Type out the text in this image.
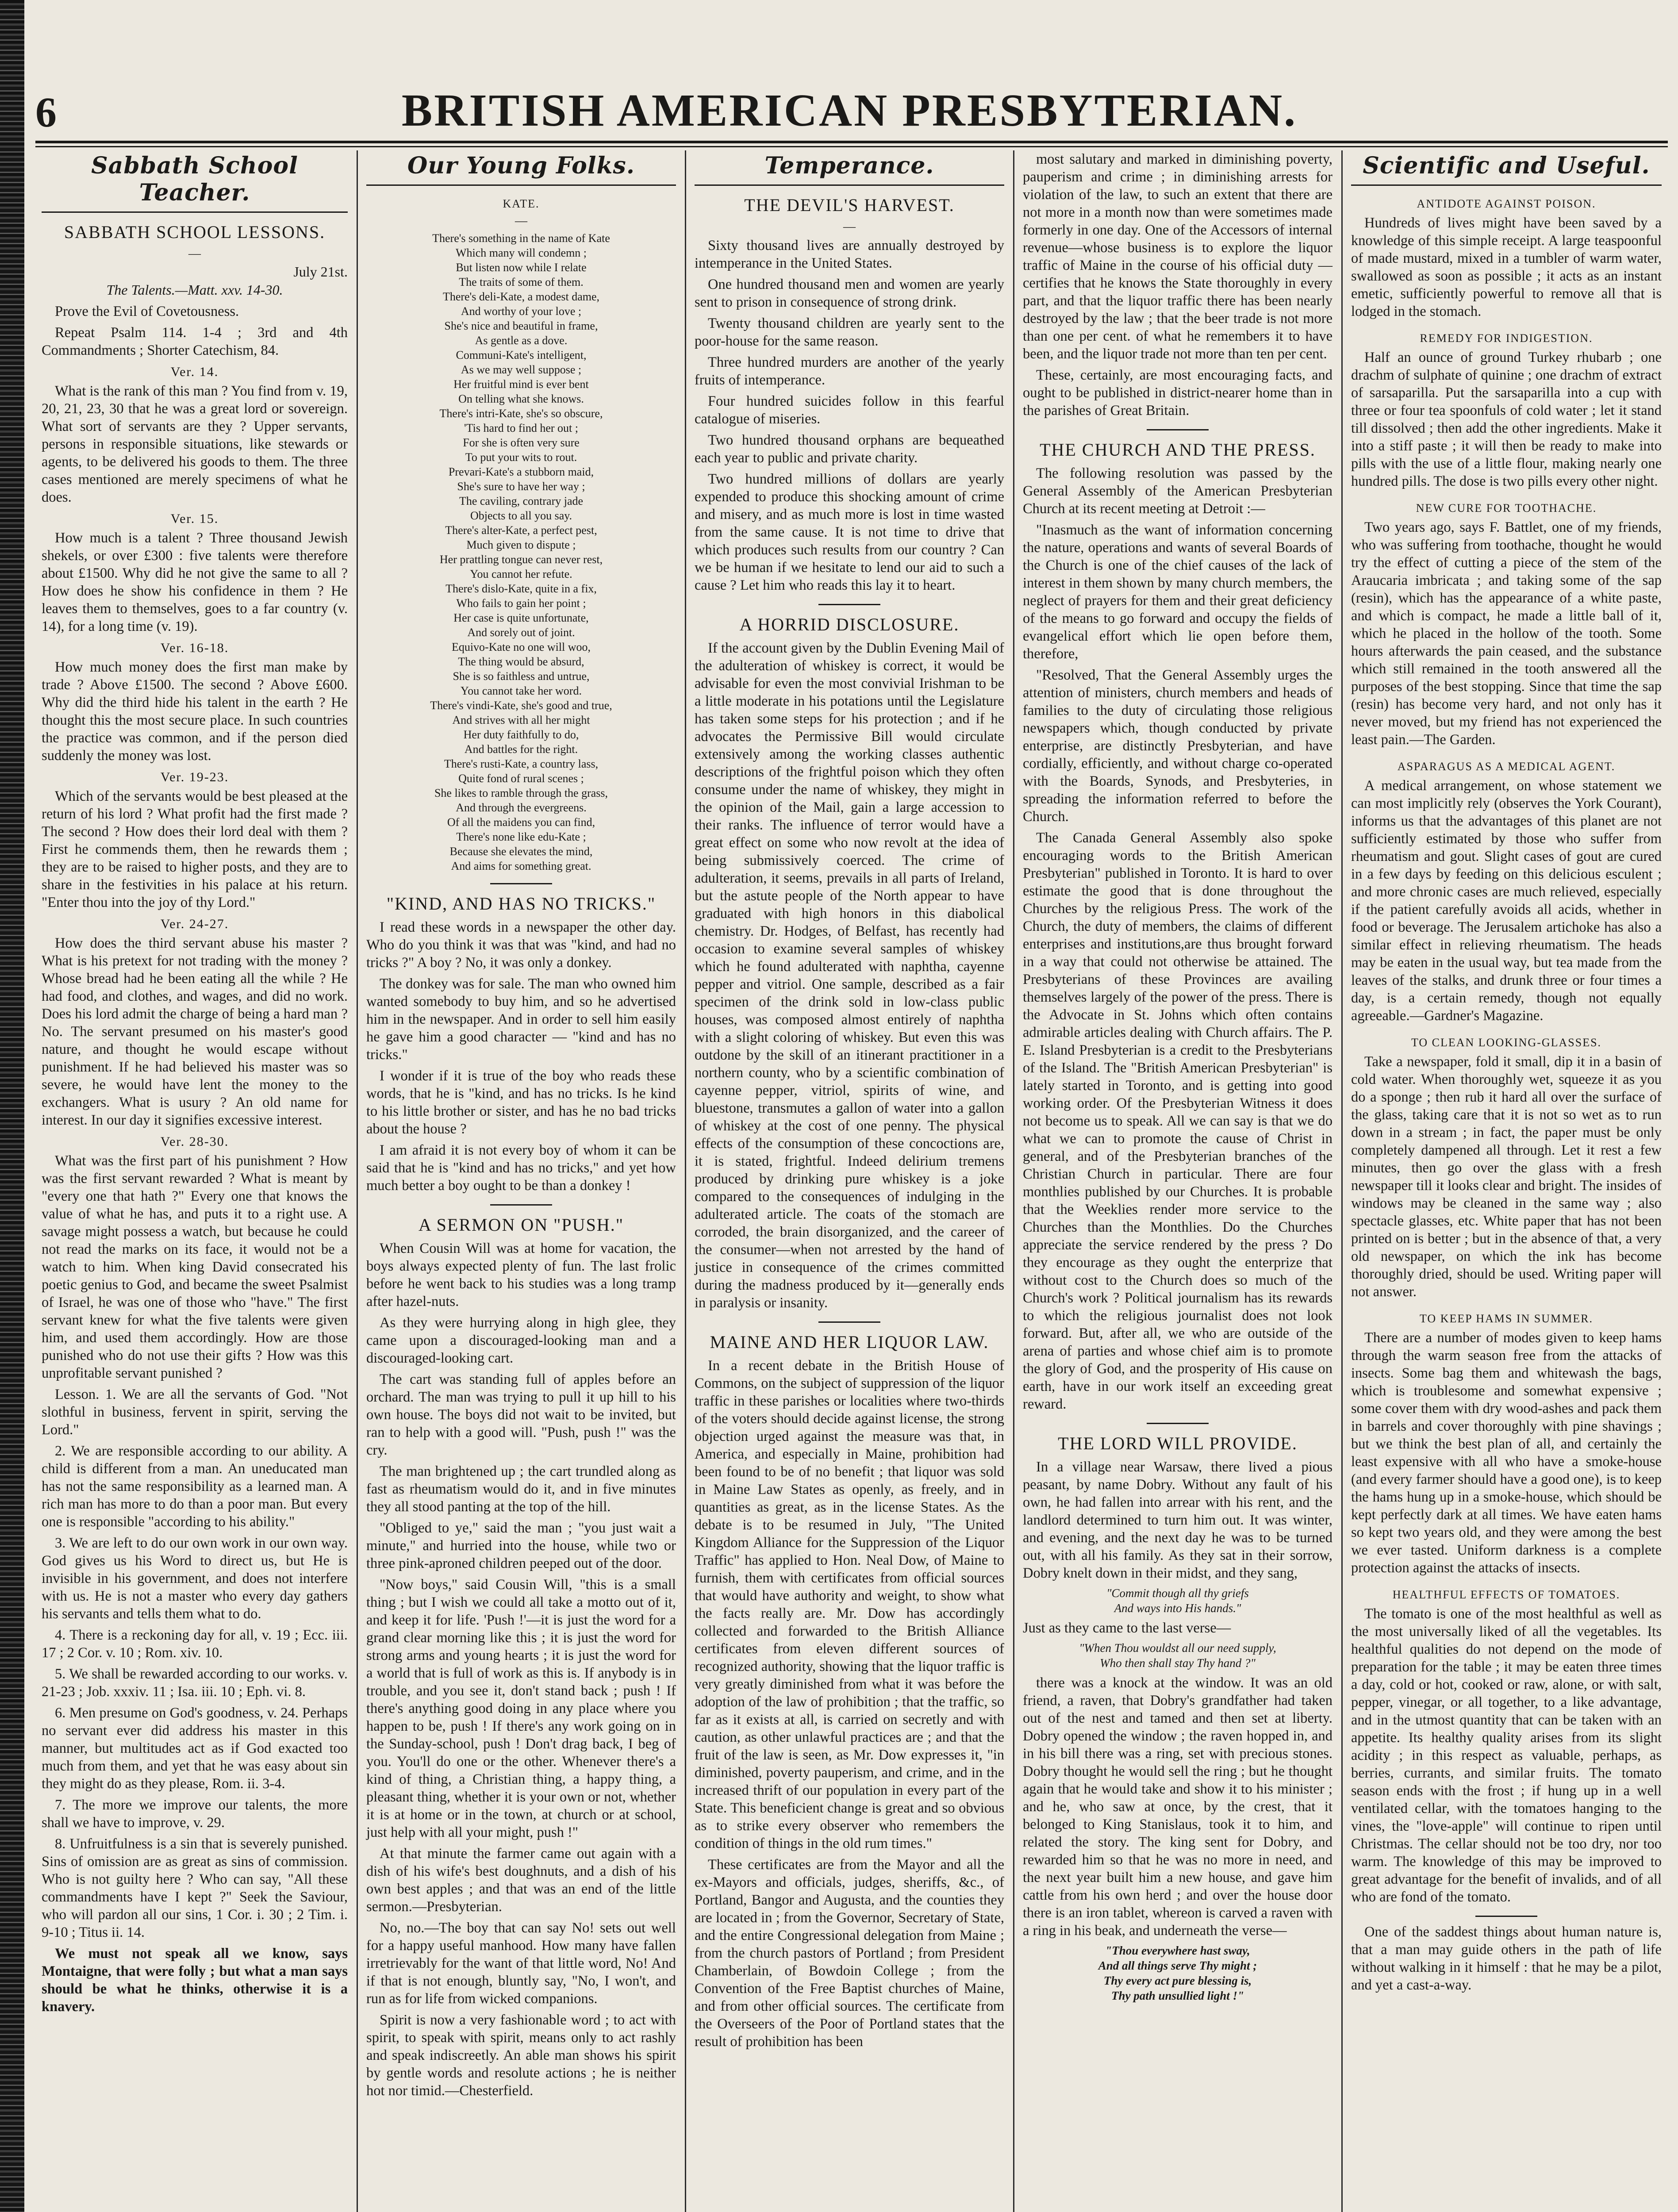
6	BRITISH AMERICAN PRESBYTERIAN.
Sabbath School Teacher.
SABBATH SCHOOL LESSONS.
—
July 21st.
The Talents.—Matt. xxv. 14-30.

Prove the Evil of Covetousness.

Repeat Psalm 114. 1-4 ; 3rd and 4th Commandments ; Shorter Catechism, 84.

Ver. 14.

What is the rank of this man ? You find from v. 19, 20, 21, 23, 30 that he was a great lord or sovereign. What sort of servants are they ? Upper servants, persons in responsible situations, like stewards or agents, to be delivered his goods to them. The three cases mentioned are merely specimens of what he does.

Ver. 15.

How much is a talent ? Three thousand Jewish shekels, or over £300 : five talents were therefore about £1500. Why did he not give the same to all ? How does he show his confidence in them ? He leaves them to themselves, goes to a far country (v. 14), for a long time (v. 19).

Ver. 16-18.

How much money does the first man make by trade ? Above £1500. The second ? Above £600. Why did the third hide his talent in the earth ? He thought this the most secure place. In such countries the practice was common, and if the person died suddenly the money was lost.

Ver. 19-23.

Which of the servants would be best pleased at the return of his lord ? What profit had the first made ? The second ? How does their lord deal with them ? First he commends them, then he rewards them ; they are to be raised to higher posts, and they are to share in the festivities in his palace at his return. "Enter thou into the joy of thy Lord."

Ver. 24-27.

How does the third servant abuse his master ? What is his pretext for not trading with the money ? Whose bread had he been eating all the while ? He had food, and clothes, and wages, and did no work. Does his lord admit the charge of being a hard man ? No. The servant presumed on his master's good nature, and thought he would escape without punishment. If he had believed his master was so severe, he would have lent the money to the exchangers. What is usury ? An old name for interest. In our day it signifies excessive interest.

Ver. 28-30.

What was the first part of his punishment ? How was the first servant rewarded ? What is meant by "every one that hath ?" Every one that knows the value of what he has, and puts it to a right use. A savage might possess a watch, but because he could not read the marks on its face, it would not be a watch to him. When king David consecrated his poetic genius to God, and became the sweet Psalmist of Israel, he was one of those who "have." The first servant knew for what the five talents were given him, and used them accordingly. How are those punished who do not use their gifts ? How was this unprofitable servant punished ?

Lesson. 1. We are all the servants of God. "Not slothful in business, fervent in spirit, serving the Lord."

2. We are responsible according to our ability. A child is different from a man. An uneducated man has not the same responsibility as a learned man. A rich man has more to do than a poor man. But every one is responsible "according to his ability."

3. We are left to do our own work in our own way. God gives us his Word to direct us, but He is invisible in his government, and does not interfere with us. He is not a master who every day gathers his servants and tells them what to do.

4. There is a reckoning day for all, v. 19 ; Ecc. iii. 17 ; 2 Cor. v. 10 ; Rom. xiv. 10.

5. We shall be rewarded according to our works. v. 21-23 ; Job. xxxiv. 11 ; Isa. iii. 10 ; Eph. vi. 8.

6. Men presume on God's goodness, v. 24. Perhaps no servant ever did address his master in this manner, but multitudes act as if God exacted too much from them, and yet that he was easy about sin they might do as they please, Rom. ii. 3-4.

7. The more we improve our talents, the more shall we have to improve, v. 29.

8. Unfruitfulness is a sin that is severely punished. Sins of omission are as great as sins of commission. Who is not guilty here ? Who can say, "All these commandments have I kept ?" Seek the Saviour, who will pardon all our sins, 1 Cor. i. 30 ; 2 Tim. i. 9-10 ; Titus ii. 14.

We must not speak all we know, says Montaigne, that were folly ; but what a man says should be what he thinks, otherwise it is a knavery.

Our Young Folks.
KATE.
—
There's something in the name of Kate
Which many will condemn ;
But listen now while I relate
The traits of some of them.
There's deli-Kate, a modest dame,
And worthy of your love ;
She's nice and beautiful in frame,
As gentle as a dove.
Communi-Kate's intelligent,
As we may well suppose ;
Her fruitful mind is ever bent
On telling what she knows.
There's intri-Kate, she's so obscure,
'Tis hard to find her out ;
For she is often very sure
To put your wits to rout.
Prevari-Kate's a stubborn maid,
She's sure to have her way ;
The caviling, contrary jade
Objects to all you say.
There's alter-Kate, a perfect pest,
Much given to dispute ;
Her prattling tongue can never rest,
You cannot her refute.
There's dislo-Kate, quite in a fix,
Who fails to gain her point ;
Her case is quite unfortunate,
And sorely out of joint.
Equivo-Kate no one will woo,
The thing would be absurd,
She is so faithless and untrue,
You cannot take her word.
There's vindi-Kate, she's good and true,
And strives with all her might
Her duty faithfully to do,
And battles for the right.
There's rusti-Kate, a country lass,
Quite fond of rural scenes ;
She likes to ramble through the grass,
And through the evergreens.
Of all the maidens you can find,
There's none like edu-Kate ;
Because she elevates the mind,
And aims for something great.
"KIND, AND HAS NO TRICKS."

I read these words in a newspaper the other day. Who do you think it was that was "kind, and had no tricks ?" A boy ? No, it was only a donkey.

The donkey was for sale. The man who owned him wanted somebody to buy him, and so he advertised him in the newspaper. And in order to sell him easily he gave him a good character — "kind and has no tricks."

I wonder if it is true of the boy who reads these words, that he is "kind, and has no tricks. Is he kind to his little brother or sister, and has he no bad tricks about the house ?

I am afraid it is not every boy of whom it can be said that he is "kind and has no tricks," and yet how much better a boy ought to be than a donkey !

A SERMON ON "PUSH."

When Cousin Will was at home for vacation, the boys always expected plenty of fun. The last frolic before he went back to his studies was a long tramp after hazel-nuts.

As they were hurrying along in high glee, they came upon a discouraged-looking man and a discouraged-looking cart.

The cart was standing full of apples before an orchard. The man was trying to pull it up hill to his own house. The boys did not wait to be invited, but ran to help with a good will. "Push, push !" was the cry.

The man brightened up ; the cart trundled along as fast as rheumatism would do it, and in five minutes they all stood panting at the top of the hill.

"Obliged to ye," said the man ; "you just wait a minute," and hurried into the house, while two or three pink-aproned children peeped out of the door.

"Now boys," said Cousin Will, "this is a small thing ; but I wish we could all take a motto out of it, and keep it for life. 'Push !'—it is just the word for a grand clear morning like this ; it is just the word for strong arms and young hearts ; it is just the word for a world that is full of work as this is. If anybody is in trouble, and you see it, don't stand back ; push ! If there's anything good doing in any place where you happen to be, push ! If there's any work going on in the Sunday-school, push ! Don't drag back, I beg of you. You'll do one or the other. Whenever there's a kind of thing, a Christian thing, a happy thing, a pleasant thing, whether it is your own or not, whether it is at home or in the town, at church or at school, just help with all your might, push !"

At that minute the farmer came out again with a dish of his wife's best doughnuts, and a dish of his own best apples ; and that was an end of the little sermon.—Presbyterian.

No, no.—The boy that can say No! sets out well for a happy useful manhood. How many have fallen irretrievably for the want of that little word, No! And if that is not enough, bluntly say, "No, I won't, and run as for life from wicked companions.

Spirit is now a very fashionable word ; to act with spirit, to speak with spirit, means only to act rashly and speak indiscreetly. An able man shows his spirit by gentle words and resolute actions ; he is neither hot nor timid.—Chesterfield.

Temperance.
THE DEVIL'S HARVEST.
—

Sixty thousand lives are annually destroyed by intemperance in the United States.

One hundred thousand men and women are yearly sent to prison in consequence of strong drink.

Twenty thousand children are yearly sent to the poor-house for the same reason.

Three hundred murders are another of the yearly fruits of intemperance.

Four hundred suicides follow in this fearful catalogue of miseries.

Two hundred thousand orphans are bequeathed each year to public and private charity.

Two hundred millions of dollars are yearly expended to produce this shocking amount of crime and misery, and as much more is lost in time wasted from the same cause. It is not time to drive that which produces such results from our country ? Can we be human if we hesitate to lend our aid to such a cause ? Let him who reads this lay it to heart.

A HORRID DISCLOSURE.

If the account given by the Dublin Evening Mail of the adulteration of whiskey is correct, it would be advisable for even the most convivial Irishman to be a little moderate in his potations until the Legislature has taken some steps for his protection ; and if he advocates the Permissive Bill would circulate extensively among the working classes authentic descriptions of the frightful poison which they often consume under the name of whiskey, they might in the opinion of the Mail, gain a large accession to their ranks. The influence of terror would have a great effect on some who now revolt at the idea of being submissively coerced. The crime of adulteration, it seems, prevails in all parts of Ireland, but the astute people of the North appear to have graduated with high honors in this diabolical chemistry. Dr. Hodges, of Belfast, has recently had occasion to examine several samples of whiskey which he found adulterated with naphtha, cayenne pepper and vitriol. One sample, described as a fair specimen of the drink sold in low-class public houses, was composed almost entirely of naphtha with a slight coloring of whiskey. But even this was outdone by the skill of an itinerant practitioner in a northern county, who by a scientific combination of cayenne pepper, vitriol, spirits of wine, and bluestone, transmutes a gallon of water into a gallon of whiskey at the cost of one penny. The physical effects of the consumption of these concoctions are, it is stated, frightful. Indeed delirium tremens produced by drinking pure whiskey is a joke compared to the consequences of indulging in the adulterated article. The coats of the stomach are corroded, the brain disorganized, and the career of the consumer—when not arrested by the hand of justice in consequence of the crimes committed during the madness produced by it—generally ends in paralysis or insanity.

MAINE AND HER LIQUOR LAW.

In a recent debate in the British House of Commons, on the subject of suppression of the liquor traffic in these parishes or localities where two-thirds of the voters should decide against license, the strong objection urged against the measure was that, in America, and especially in Maine, prohibition had been found to be of no benefit ; that liquor was sold in Maine Law States as openly, as freely, and in quantities as great, as in the license States. As the debate is to be resumed in July, "The United Kingdom Alliance for the Suppression of the Liquor Traffic" has applied to Hon. Neal Dow, of Maine to furnish, them with certificates from official sources that would have authority and weight, to show what the facts really are. Mr. Dow has accordingly collected and forwarded to the British Alliance certificates from eleven different sources of recognized authority, showing that the liquor traffic is very greatly diminished from what it was before the adoption of the law of prohibition ; that the traffic, so far as it exists at all, is carried on secretly and with caution, as other unlawful practices are ; and that the fruit of the law is seen, as Mr. Dow expresses it, "in diminished, poverty pauperism, and crime, and in the increased thrift of our population in every part of the State. This beneficient change is great and so obvious as to strike every observer who remembers the condition of things in the old rum times."

These certificates are from the Mayor and all the ex-Mayors and officials, judges, sheriffs, &c., of Portland, Bangor and Augusta, and the counties they are located in ; from the Governor, Secretary of State, and the entire Congressional delegation from Maine ; from the church pastors of Portland ; from President Chamberlain, of Bowdoin College ; from the Convention of the Free Baptist churches of Maine, and from other official sources. The certificate from the Overseers of the Poor of Portland states that the result of prohibition has been

most salutary and marked in diminishing poverty, pauperism and crime ; in diminishing arrests for violation of the law, to such an extent that there are not more in a month now than were sometimes made formerly in one day. One of the Accessors of internal revenue—whose business is to explore the liquor traffic of Maine in the course of his official duty —certifies that he knows the State thoroughly in every part, and that the liquor traffic there has been nearly destroyed by the law ; that the beer trade is not more than one per cent. of what he remembers it to have been, and the liquor trade not more than ten per cent.

These, certainly, are most encouraging facts, and ought to be published in district-nearer home than in the parishes of Great Britain.

THE CHURCH AND THE PRESS.

The following resolution was passed by the General Assembly of the American Presbyterian Church at its recent meeting at Detroit :—

"Inasmuch as the want of information concerning the nature, operations and wants of several Boards of the Church is one of the chief causes of the lack of interest in them shown by many church members, the neglect of prayers for them and their great deficiency of the means to go forward and occupy the fields of evangelical effort which lie open before them, therefore,

"Resolved, That the General Assembly urges the attention of ministers, church members and heads of families to the duty of circulating those religious newspapers which, though conducted by private enterprise, are distinctly Presbyterian, and have cordially, efficiently, and without charge co-operated with the Boards, Synods, and Presbyteries, in spreading the information referred to before the Church.

The Canada General Assembly also spoke encouraging words to the British American Presbyterian" published in Toronto. It is hard to over estimate the good that is done throughout the Churches by the religious Press. The work of the Church, the duty of members, the claims of different enterprises and institutions,are thus brought forward in a way that could not otherwise be attained. The Presbyterians of these Provinces are availing themselves largely of the power of the press. There is the Advocate in St. Johns which often contains admirable articles dealing with Church affairs. The P. E. Island Presbyterian is a credit to the Presbyterians of the Island. The "British American Presbyterian" is lately started in Toronto, and is getting into good working order. Of the Presbyterian Witness it does not become us to speak. All we can say is that we do what we can to promote the cause of Christ in general, and of the Presbyterian branches of the Christian Church in particular. There are four monthlies published by our Churches. It is probable that the Weeklies render more service to the Churches than the Monthlies. Do the Churches appreciate the service rendered by the press ? Do they encourage as they ought the enterprize that without cost to the Church does so much of the Church's work ? Political journalism has its rewards to which the religious journalist does not look forward. But, after all, we who are outside of the arena of parties and whose chief aim is to promote the glory of God, and the prosperity of His cause on earth, have in our work itself an exceeding great reward.

THE LORD WILL PROVIDE.

In a village near Warsaw, there lived a pious peasant, by name Dobry. Without any fault of his own, he had fallen into arrear with his rent, and the landlord determined to turn him out. It was winter, and evening, and the next day he was to be turned out, with all his family. As they sat in their sorrow, Dobry knelt down in their midst, and they sang,

"Commit though all thy griefs
And ways into His hands."

Just as they came to the last verse—

"When Thou wouldst all our need supply,
Who then shall stay Thy hand ?"

there was a knock at the window. It was an old friend, a raven, that Dobry's grandfather had taken out of the nest and tamed and then set at liberty. Dobry opened the window ; the raven hopped in, and in his bill there was a ring, set with precious stones. Dobry thought he would sell the ring ; but he thought again that he would take and show it to his minister ; and he, who saw at once, by the crest, that it belonged to King Stanislaus, took it to him, and related the story. The king sent for Dobry, and rewarded him so that he was no more in need, and the next year built him a new house, and gave him cattle from his own herd ; and over the house door there is an iron tablet, whereon is carved a raven with a ring in his beak, and underneath the verse—

"Thou everywhere hast sway,
And all things serve Thy might ;
Thy every act pure blessing is,
Thy path unsullied light !"
Scientific and Useful.
ANTIDOTE AGAINST POISON.

Hundreds of lives might have been saved by a knowledge of this simple receipt. A large teaspoonful of made mustard, mixed in a tumbler of warm water, swallowed as soon as possible ; it acts as an instant emetic, sufficiently powerful to remove all that is lodged in the stomach.

REMEDY FOR INDIGESTION.

Half an ounce of ground Turkey rhubarb ; one drachm of sulphate of quinine ; one drachm of extract of sarsaparilla. Put the sarsaparilla into a cup with three or four tea spoonfuls of cold water ; let it stand till dissolved ; then add the other ingredients. Make it into a stiff paste ; it will then be ready to make into pills with the use of a little flour, making nearly one hundred pills. The dose is two pills every other night.

NEW CURE FOR TOOTHACHE.

Two years ago, says F. Battlet, one of my friends, who was suffering from toothache, thought he would try the effect of cutting a piece of the stem of the Araucaria imbricata ; and taking some of the sap (resin), which has the appearance of a white paste, and which is compact, he made a little ball of it, which he placed in the hollow of the tooth. Some hours afterwards the pain ceased, and the substance which still remained in the tooth answered all the purposes of the best stopping. Since that time the sap (resin) has become very hard, and not only has it never moved, but my friend has not experienced the least pain.—The Garden.

ASPARAGUS AS A MEDICAL AGENT.

A medical arrangement, on whose statement we can most implicitly rely (observes the York Courant), informs us that the advantages of this planet are not sufficiently estimated by those who suffer from rheumatism and gout. Slight cases of gout are cured in a few days by feeding on this delicious esculent ; and more chronic cases are much relieved, especially if the patient carefully avoids all acids, whether in food or beverage. The Jerusalem artichoke has also a similar effect in relieving rheumatism. The heads may be eaten in the usual way, but tea made from the leaves of the stalks, and drunk three or four times a day, is a certain remedy, though not equally agreeable.—Gardner's Magazine.

TO CLEAN LOOKING-GLASSES.

Take a newspaper, fold it small, dip it in a basin of cold water. When thoroughly wet, squeeze it as you do a sponge ; then rub it hard all over the surface of the glass, taking care that it is not so wet as to run down in a stream ; in fact, the paper must be only completely dampened all through. Let it rest a few minutes, then go over the glass with a fresh newspaper till it looks clear and bright. The insides of windows may be cleaned in the same way ; also spectacle glasses, etc. White paper that has not been printed on is better ; but in the absence of that, a very old newspaper, on which the ink has become thoroughly dried, should be used. Writing paper will not answer.

TO KEEP HAMS IN SUMMER.

There are a number of modes given to keep hams through the warm season free from the attacks of insects. Some bag them and whitewash the bags, which is troublesome and somewhat expensive ; some cover them with dry wood-ashes and pack them in barrels and cover thoroughly with pine shavings ; but we think the best plan of all, and certainly the least expensive with all who have a smoke-house (and every farmer should have a good one), is to keep the hams hung up in a smoke-house, which should be kept perfectly dark at all times. We have eaten hams so kept two years old, and they were among the best we ever tasted. Uniform darkness is a complete protection against the attacks of insects.

HEALTHFUL EFFECTS OF TOMATOES.

The tomato is one of the most healthful as well as the most universally liked of all the vegetables. Its healthful qualities do not depend on the mode of preparation for the table ; it may be eaten three times a day, cold or hot, cooked or raw, alone, or with salt, pepper, vinegar, or all together, to a like advantage, and in the utmost quantity that can be taken with an appetite. Its healthy quality arises from its slight acidity ; in this respect as valuable, perhaps, as berries, currants, and similar fruits. The tomato season ends with the frost ; if hung up in a well ventilated cellar, with the tomatoes hanging to the vines, the "love-apple" will continue to ripen until Christmas. The cellar should not be too dry, nor too warm. The knowledge of this may be improved to great advantage for the benefit of invalids, and of all who are fond of the tomato.

One of the saddest things about human nature is, that a man may guide others in the path of life without walking in it himself : that he may be a pilot, and yet a cast-a-way.
